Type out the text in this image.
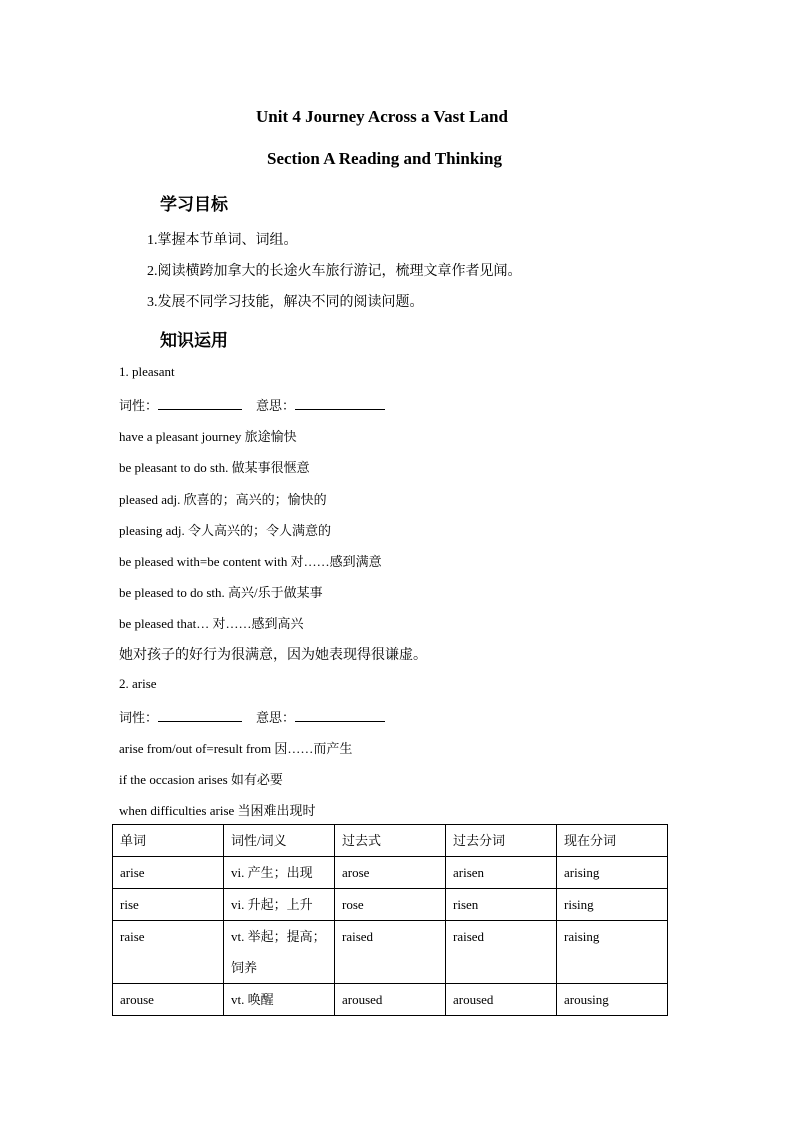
Unit 4 Journey Across a Vast Land
Section A Reading and Thinking
学习目标
1.掌握本节单词、词组。
2.阅读横跨加拿大的长途火车旅行游记，梳理文章作者见闻。
3.发展不同学习技能，解决不同的阅读问题。
知识运用
1. pleasant
词性：	意思：
have a pleasant journey 旅途愉快
be pleasant to do sth. 做某事很惬意
pleased adj. 欣喜的；高兴的；愉快的
pleasing adj. 令人高兴的；令人满意的
be pleased with=be content with 对……感到满意
be pleased to do sth. 高兴/乐于做某事
be pleased that… 对……感到高兴
她对孩子的好行为很满意，因为她表现得很谦虚。
2. arise
词性：	意思：
arise from/out of=result from 因……而产生
if the occasion arises 如有必要
when difficulties arise 当困难出现时
单词	词性/词义	过去式	过去分词	现在分词
arise	vi. 产生；出现	arose	arisen	arising
rise	vi. 升起；上升	rose	risen	rising
raise	vt. 举起；提高；饲养	raised	raised	raising
arouse	vt. 唤醒	aroused	aroused	arousing
